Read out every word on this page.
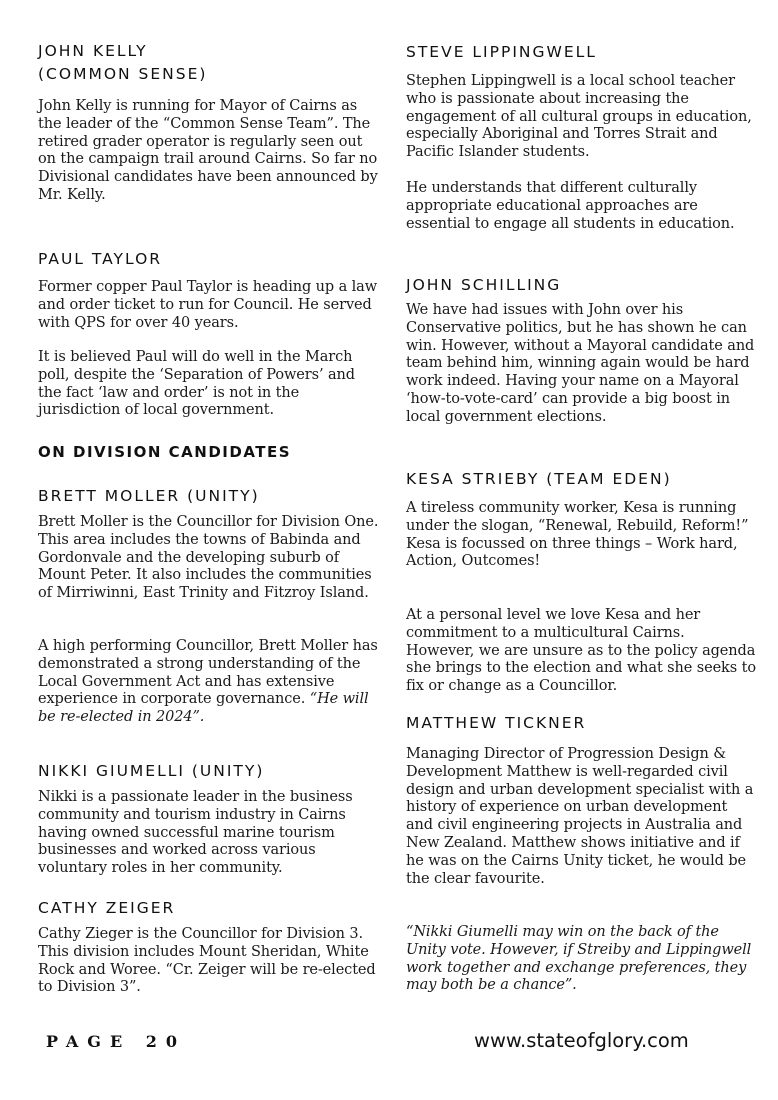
JOHN KELLY
(COMMON SENSE)

John Kelly is running for Mayor of Cairns as the leader of the “Common Sense Team”. The retired grader operator is regularly seen out on the campaign trail around Cairns. So far no Divisional candidates have been announced by Mr. Kelly.

PAUL TAYLOR

Former copper Paul Taylor is heading up a law and order ticket to run for Council. He served with QPS for over 40 years.

It is believed Paul will do well in the March poll, despite the ‘Separation of Powers’ and the fact ‘law and order’ is not in the jurisdiction of local government.

ON DIVISION CANDIDATES
BRETT MOLLER (UNITY)

Brett Moller is the Councillor for Division One. This area includes the towns of Babinda and Gordonvale and the developing suburb of Mount Peter. It also includes the communities of Mirriwinni, East Trinity and Fitzroy Island.

A high performing Councillor, Brett Moller has demonstrated a strong understanding of the Local Government Act and has extensive experience in corporate governance. “He will be re-elected in 2024”.

NIKKI GIUMELLI (UNITY)

Nikki is a passionate leader in the business community and tourism industry in Cairns having owned successful marine tourism businesses and worked across various voluntary roles in her community.

CATHY ZEIGER

Cathy Zieger is the Councillor for Division 3. This division includes Mount Sheridan, White Rock and Woree. “Cr. Zeiger will be re-elected to Division 3”.

STEVE LIPPINGWELL

Stephen Lippingwell is a local school teacher who is passionate about increasing the engagement of all cultural groups in education, especially Aboriginal and Torres Strait and Pacific Islander students.

He understands that different culturally appropriate educational approaches are essential to engage all students in education.

JOHN SCHILLING

We have had issues with John over his Conservative politics, but he has shown he can win. However, without a Mayoral candidate and team behind him, winning again would be hard work indeed. Having your name on a Mayoral ‘how-to-vote-card’ can provide a big boost in local government elections.

KESA STRIEBY (TEAM EDEN)

A tireless community worker, Kesa is running under the slogan, “Renewal, Rebuild, Reform!” Kesa is focussed on three things – Work hard, Action, Outcomes!

At a personal level we love Kesa and her commitment to a multicultural Cairns. However, we are unsure as to the policy agenda she brings to the election and what she seeks to fix or change as a Councillor.

MATTHEW TICKNER

Managing Director of Progression Design & Development Matthew is well-regarded civil design and urban development specialist with a history of experience on urban development and civil engineering projects in Australia and New Zealand. Matthew shows initiative and if he was on the Cairns Unity ticket, he would be the clear favourite.

“Nikki Giumelli may win on the back of the Unity vote. However, if Streiby and Lippingwell work together and exchange preferences, they may both be a chance”.

PAGE 20	www.stateofglory.com
